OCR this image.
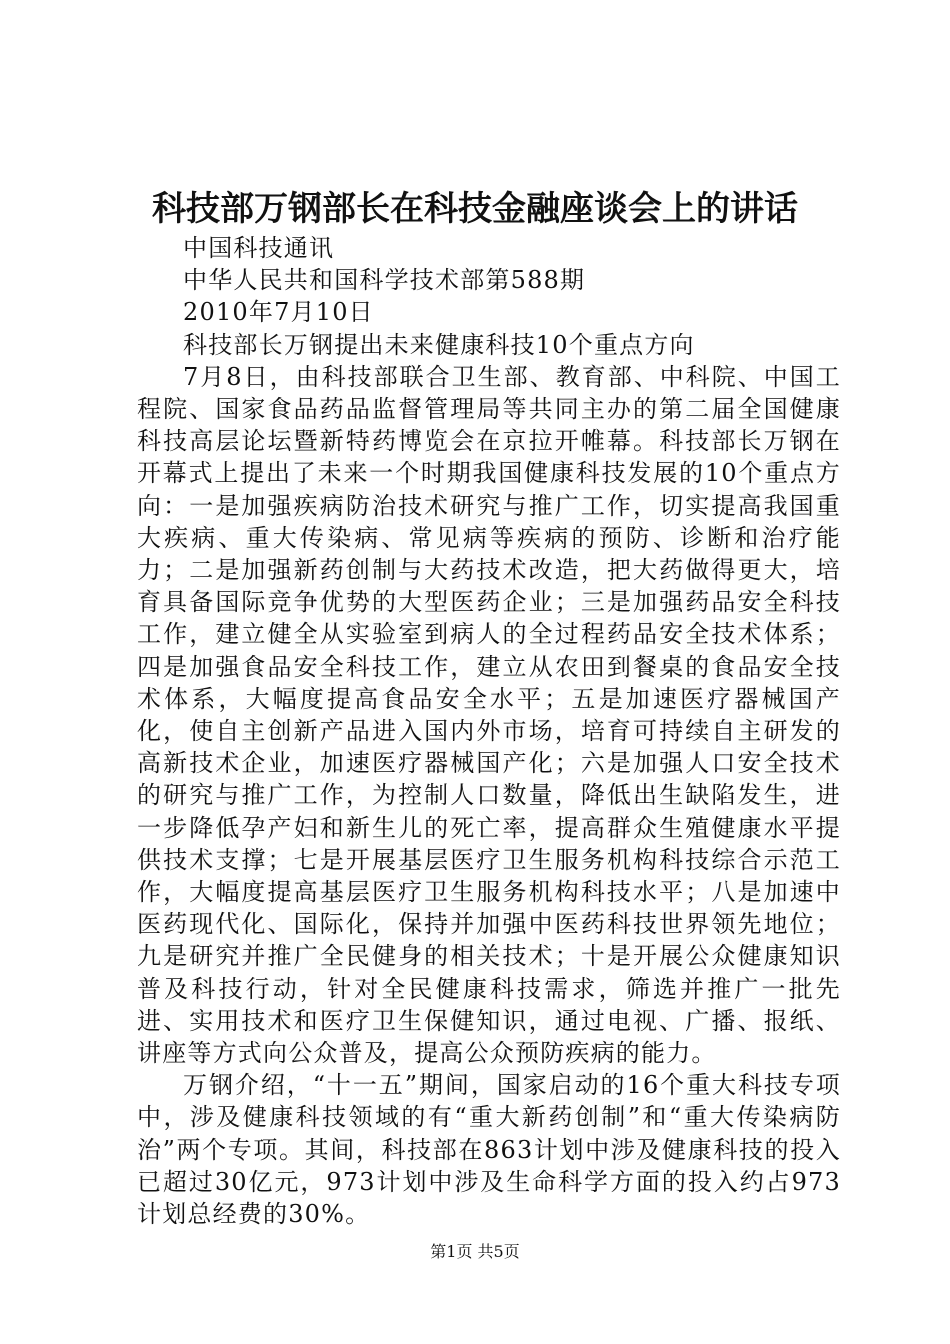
科技部万钢部长在科技金融座谈会上的讲话

中国科技通讯

中华人民共和国科学技术部第588期

2010年7月10日

科技部长万钢提出未来健康科技10个重点方向

7月8日，由科技部联合卫生部、教育部、中科院、中国工程院、国家食品药品监督管理局等共同主办的第二届全国健康科技高层论坛暨新特药博览会在京拉开帷幕。科技部长万钢在开幕式上提出了未来一个时期我国健康科技发展的10个重点方向：一是加强疾病防治技术研究与推广工作，切实提高我国重大疾病、重大传染病、常见病等疾病的预防、诊断和治疗能力；二是加强新药创制与大药技术改造，把大药做得更大，培育具备国际竞争优势的大型医药企业；三是加强药品安全科技工作，建立健全从实验室到病人的全过程药品安全技术体系；四是加强食品安全科技工作，建立从农田到餐桌的食品安全技术体系，大幅度提高食品安全水平；五是加速医疗器械国产化，使自主创新产品进入国内外市场，培育可持续自主研发的高新技术企业，加速医疗器械国产化；六是加强人口安全技术的研究与推广工作，为控制人口数量，降低出生缺陷发生，进一步降低孕产妇和新生儿的死亡率，提高群众生殖健康水平提供技术支撑；七是开展基层医疗卫生服务机构科技综合示范工作，大幅度提高基层医疗卫生服务机构科技水平；八是加速中医药现代化、国际化，保持并加强中医药科技世界领先地位；九是研究并推广全民健身的相关技术；十是开展公众健康知识普及科技行动，针对全民健康科技需求，筛选并推广一批先进、实用技术和医疗卫生保健知识，通过电视、广播、报纸、讲座等方式向公众普及，提高公众预防疾病的能力。

万钢介绍，“十一五”期间，国家启动的16个重大科技专项中，涉及健康科技领域的有“重大新药创制”和“重大传染病防治”两个专项。其间，科技部在863计划中涉及健康科技的投入已超过30亿元，973计划中涉及生命科学方面的投入约占973计划总经费的30%。

第1页 共5页
